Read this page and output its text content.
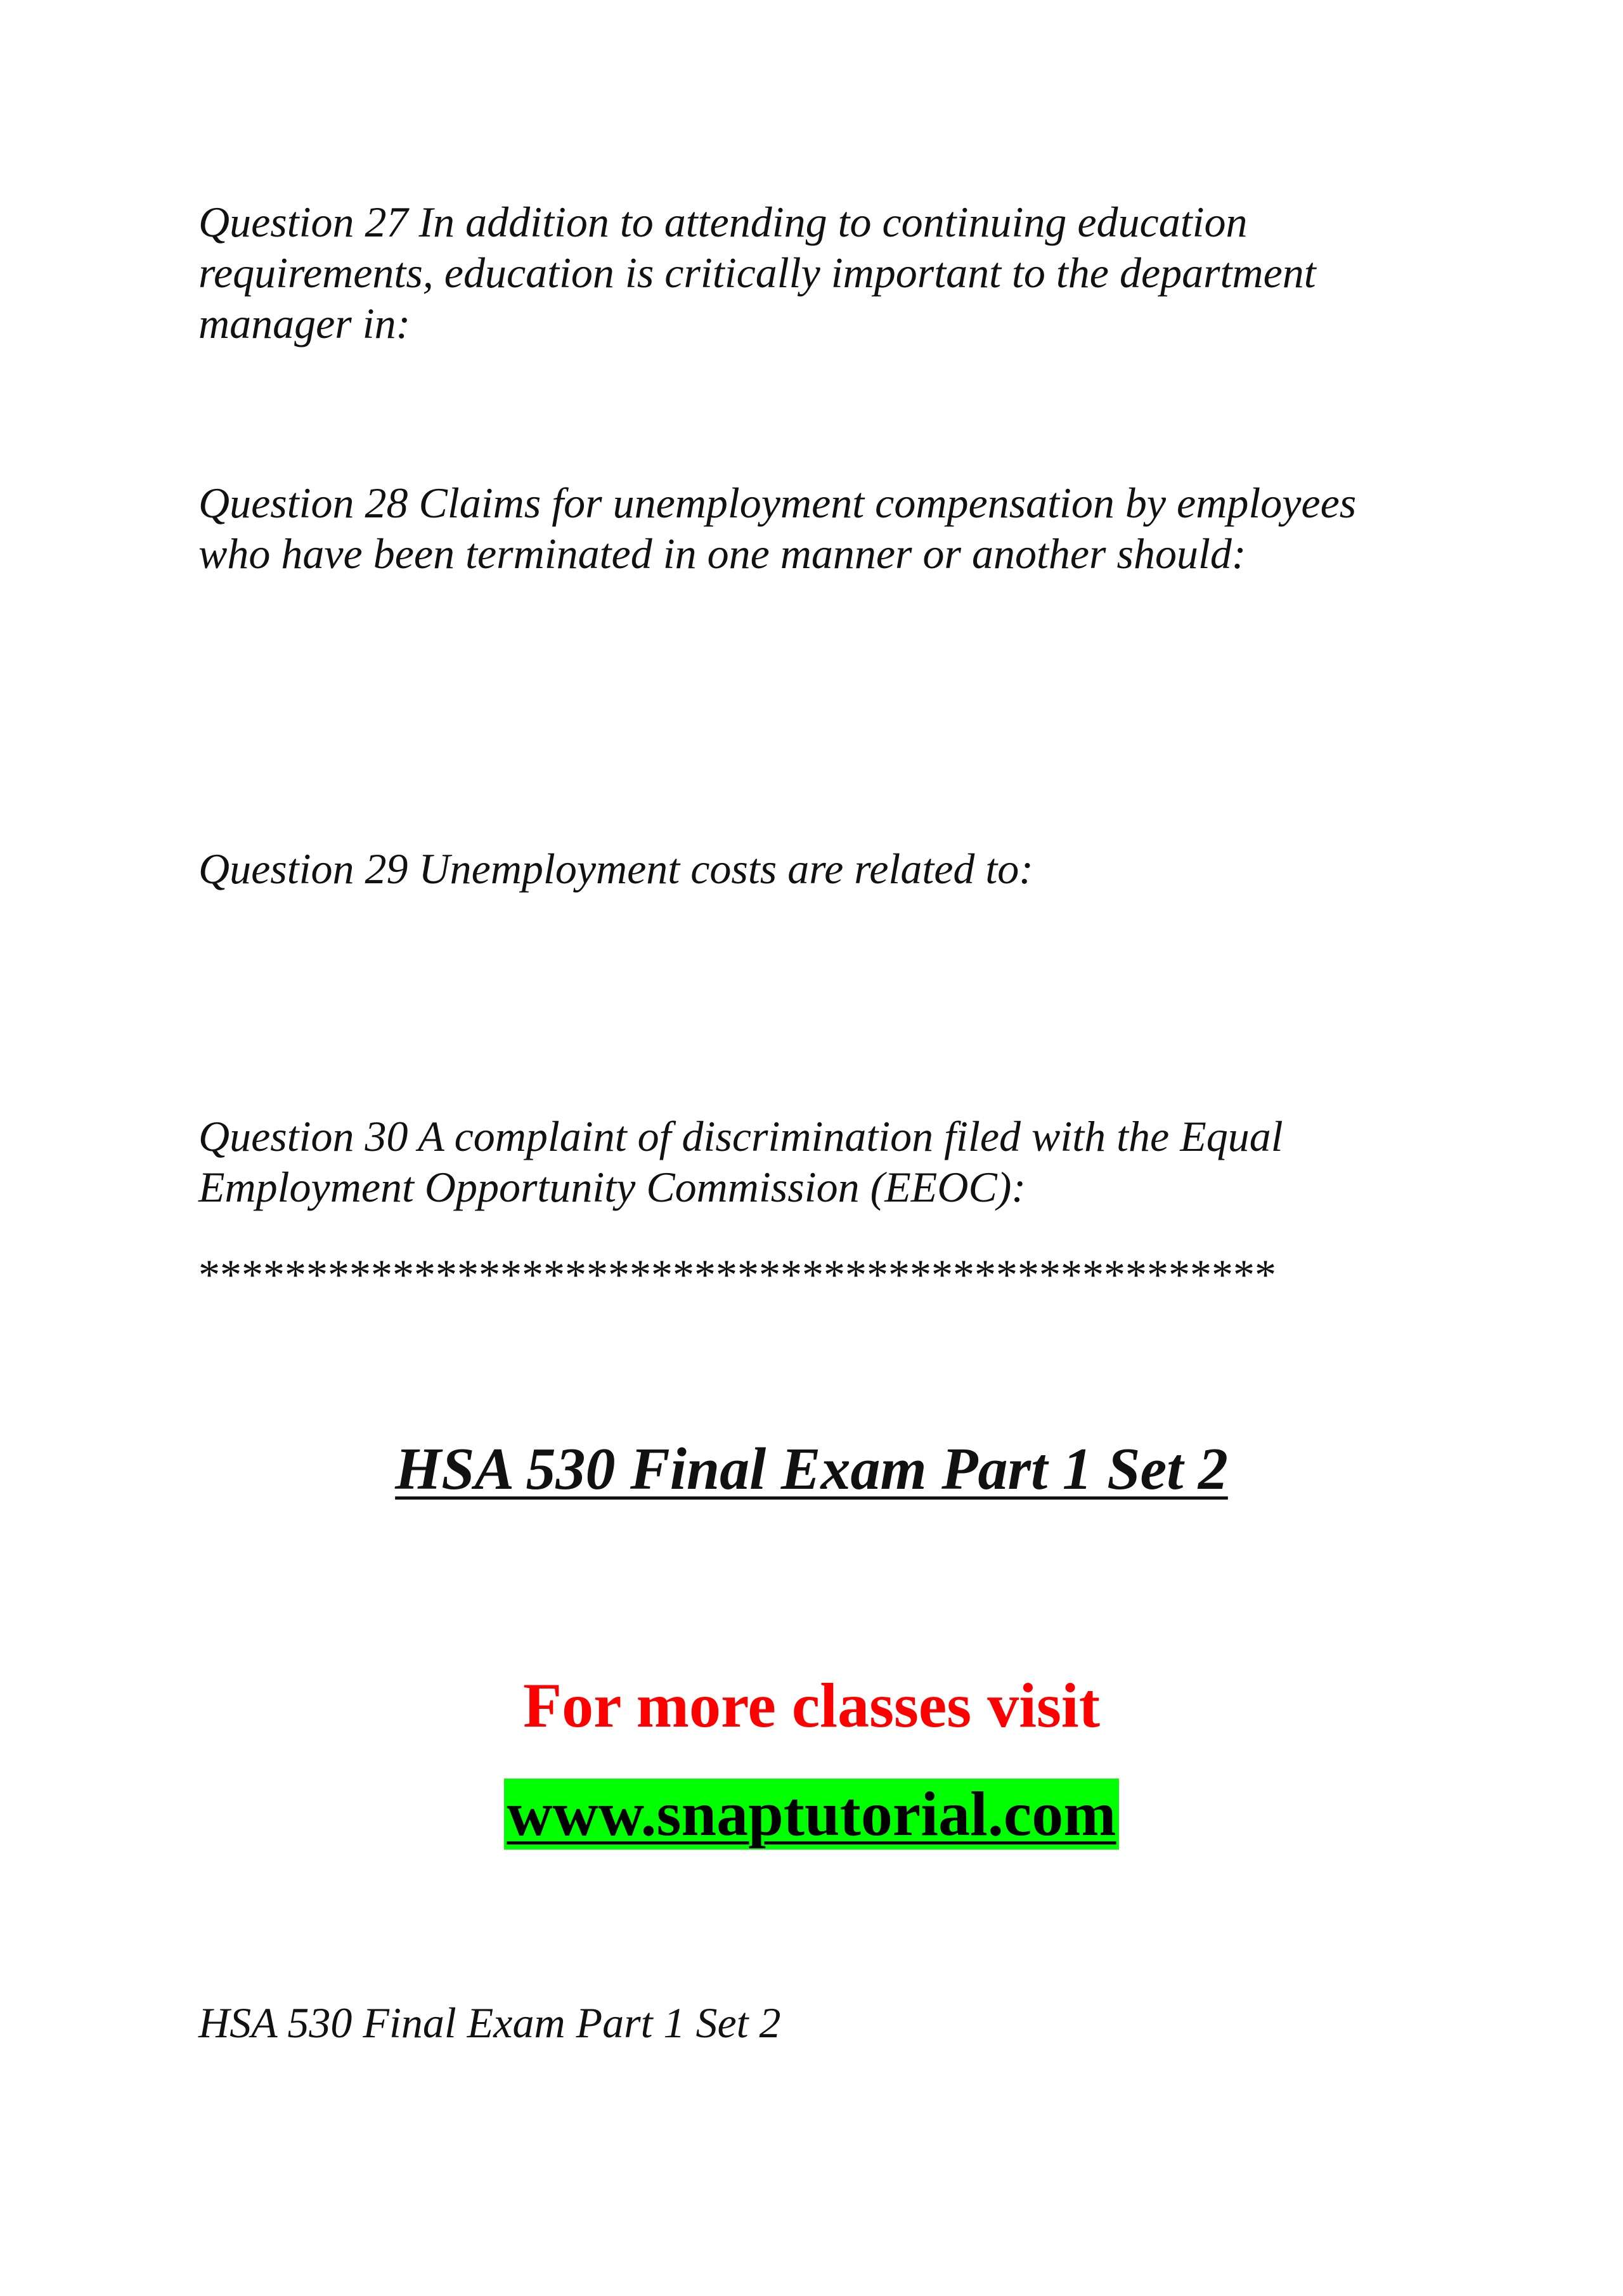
Question 27 In addition to attending to continuing education
requirements, education is critically important to the department
manager in:
Question 28 Claims for unemployment compensation by employees
who have been terminated in one manner or another should:
Question 29 Unemployment costs are related to:
Question 30 A complaint of discrimination filed with the Equal
Employment Opportunity Commission (EEOC):
**************************************************
HSA 530 Final Exam Part 1 Set 2
For more classes visit
www.snaptutorial.com
HSA 530 Final Exam Part 1 Set 2
